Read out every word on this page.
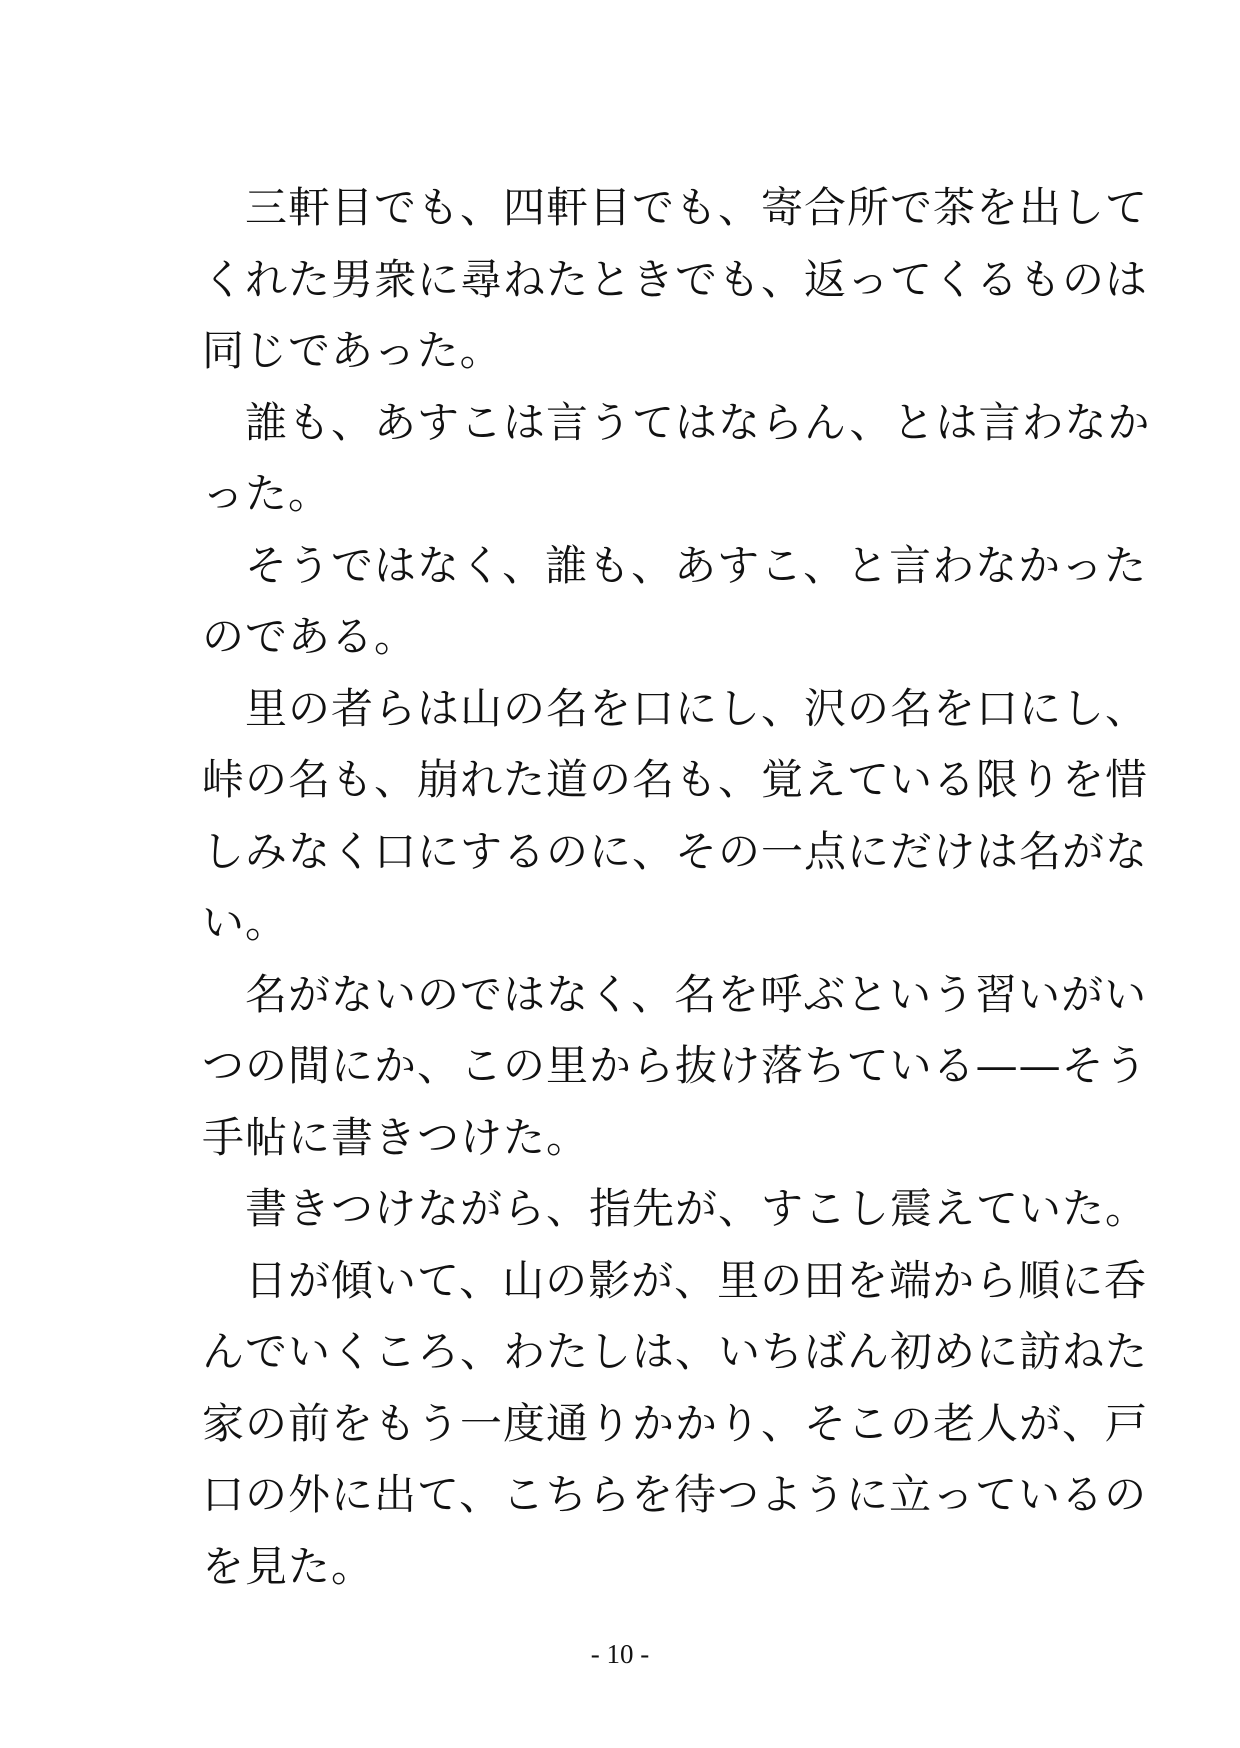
　三軒目でも、四軒目でも、寄合所で茶を出して
くれた男衆に尋ねたときでも、返ってくるものは
同じであった。
　誰も、あすこは言うてはならん、とは言わなか
った。
　そうではなく、誰も、あすこ、と言わなかった
のである。
　里の者らは山の名を口にし、沢の名を口にし、
峠の名も、崩れた道の名も、覚えている限りを惜
しみなく口にするのに、その一点にだけは名がな
い。
　名がないのではなく、名を呼ぶという習いがい
つの間にか、この里から抜け落ちている——そう
手帖に書きつけた。
　書きつけながら、指先が、すこし震えていた。
　日が傾いて、山の影が、里の田を端から順に呑
んでいくころ、わたしは、いちばん初めに訪ねた
家の前をもう一度通りかかり、そこの老人が、戸
口の外に出て、こちらを待つように立っているの
を見た。
- 10 -
